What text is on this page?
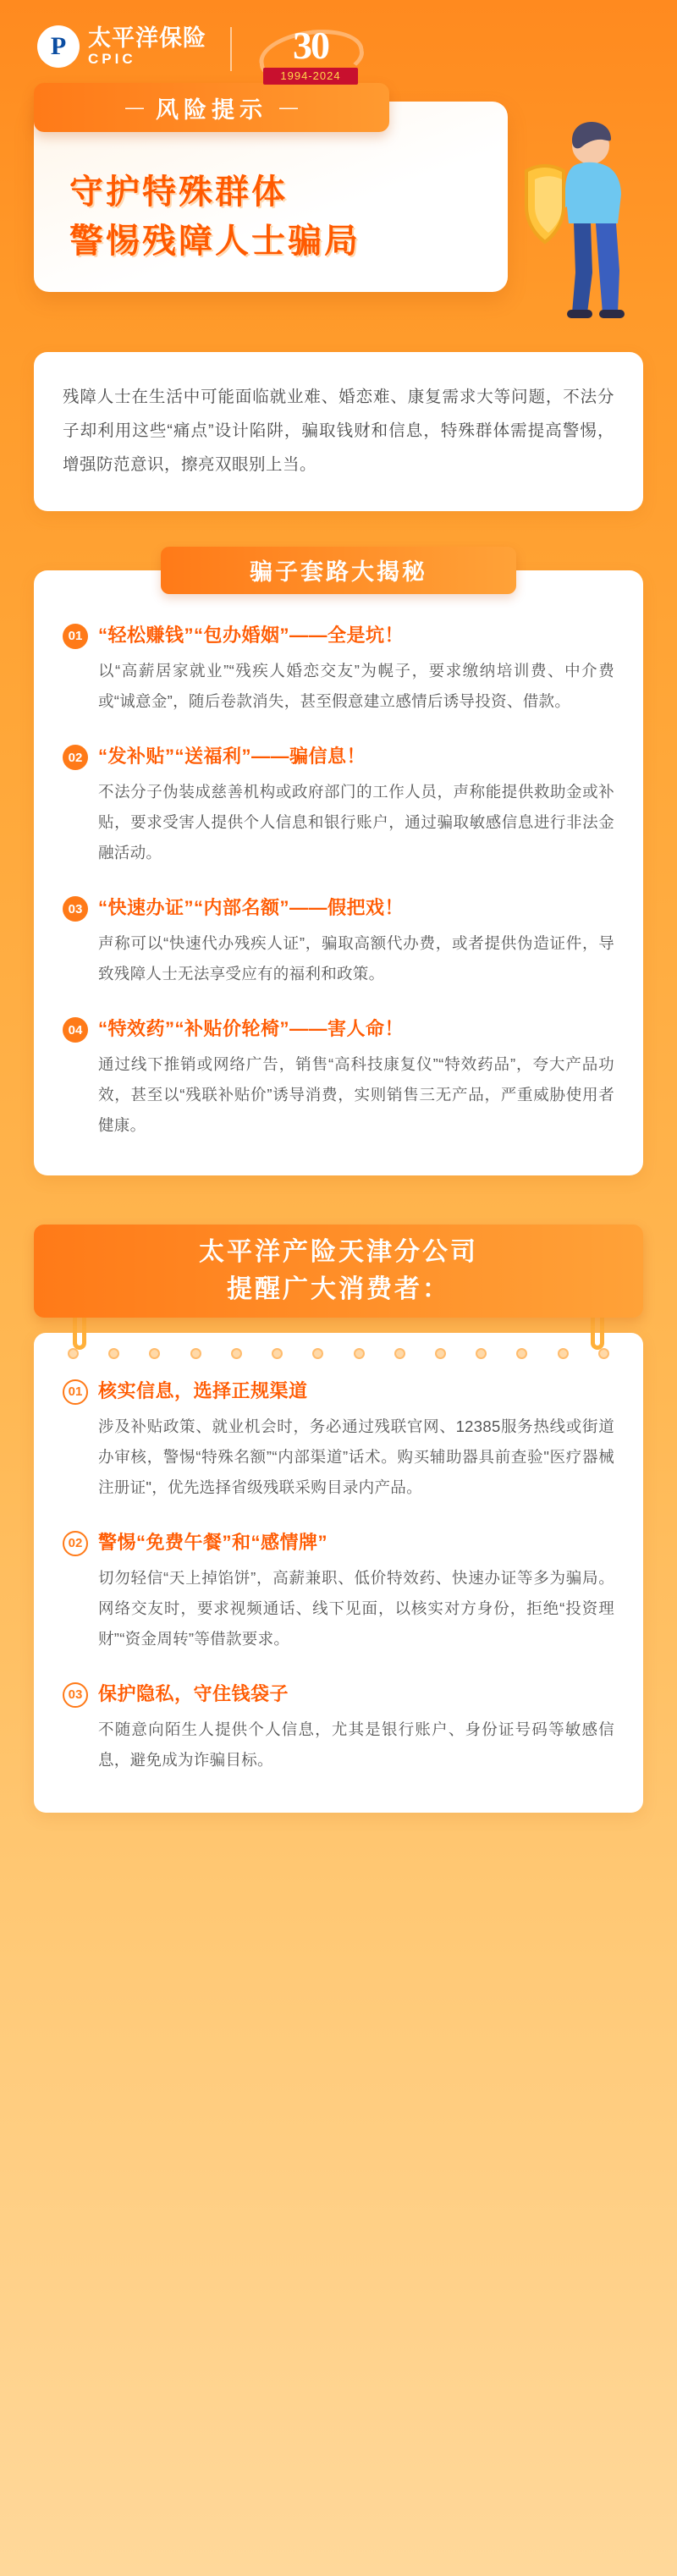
P 太平洋保险
CPIC	30
1994-2024
— 风险提示 —
守护特殊群体
警惕残障人士骗局
残障人士在生活中可能面临就业难、婚恋难、康复需求大等问题，不法分子却利用这些“痛点”设计陷阱，骗取钱财和信息，特殊群体需提高警惕，增强防范意识，擦亮双眼别上当。
骗子套路大揭秘
01 “轻松赚钱”“包办婚姻”——全是坑！
以“高薪居家就业”“残疾人婚恋交友”为幌子，要求缴纳培训费、中介费或“诚意金”，随后卷款消失，甚至假意建立感情后诱导投资、借款。
02 “发补贴”“送福利”——骗信息！
不法分子伪装成慈善机构或政府部门的工作人员，声称能提供救助金或补贴，要求受害人提供个人信息和银行账户，通过骗取敏感信息进行非法金融活动。
03 “快速办证”“内部名额”——假把戏！
声称可以“快速代办残疾人证”，骗取高额代办费，或者提供伪造证件，导致残障人士无法享受应有的福利和政策。
04 “特效药”“补贴价轮椅”——害人命！
通过线下推销或网络广告，销售“高科技康复仪”“特效药品”，夸大产品功效，甚至以“残联补贴价”诱导消费，实则销售三无产品，严重威胁使用者健康。
太平洋产险天津分公司
提醒广大消费者：
01 核实信息，选择正规渠道
涉及补贴政策、就业机会时，务必通过残联官网、12385服务热线或街道办审核，警惕“特殊名额”“内部渠道”话术。购买辅助器具前查验"医疗器械注册证"，优先选择省级残联采购目录内产品。
02 警惕“免费午餐”和“感情牌”
切勿轻信“天上掉馅饼”，高薪兼职、低价特效药、快速办证等多为骗局。网络交友时，要求视频通话、线下见面，以核实对方身份，拒绝“投资理财”“资金周转”等借款要求。
03 保护隐私，守住钱袋子
不随意向陌生人提供个人信息，尤其是银行账户、身份证号码等敏感信息，避免成为诈骗目标。
